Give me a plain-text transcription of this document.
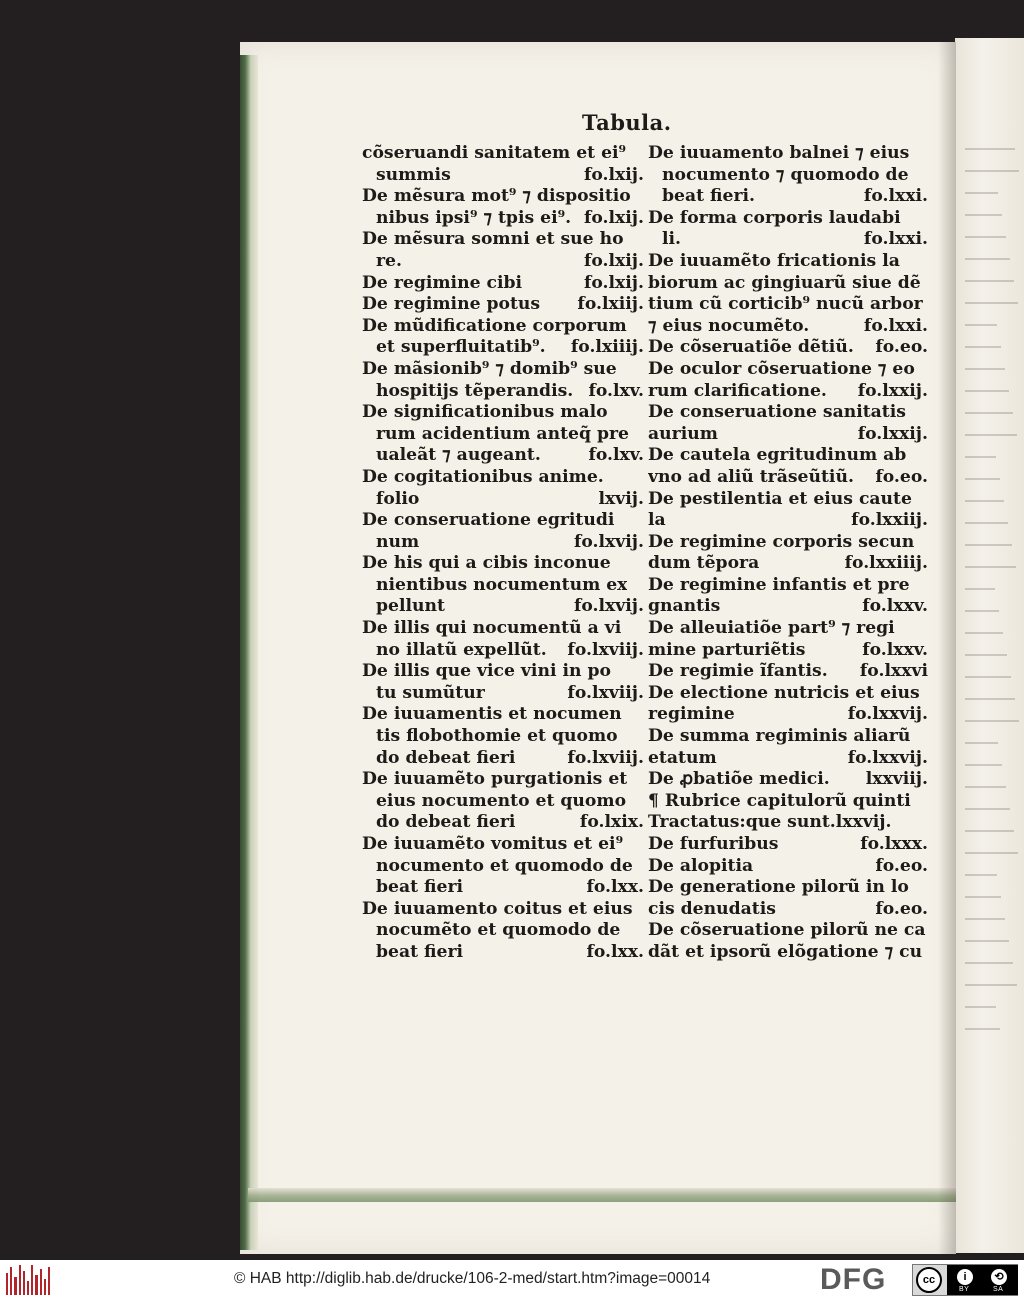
Tabula.
cõseruandi sanitatem et ei⁹
summis	fo.lxij.
De mẽsura mot⁹ ⁊ dispositio
nibus ipsi⁹ ⁊ tpis ei⁹. fo.lxij.
De mẽsura somni et sue ho
re.	fo.lxij.
De regimine cibi	fo.lxij.
De regimine potus	fo.lxiij.
De mũdificatione corporum
et superfluitatib⁹.	fo.lxiiij.
De mãsionib⁹ ⁊ domib⁹ sue
hospitijs tẽperandis. fo.lxv.
De significationibus malo
rum acidentium anteq̃ pre
ualeãt ⁊ augeant.	fo.lxv.
De cogitationibus anime.
folio	lxvij.
De conseruatione egritudi
num	fo.lxvij.
De his qui a cibis inconue
nientibus nocumentum ex
pellunt	fo.lxvij.
De illis qui nocumentũ a vi
no illatũ expellũt.	fo.lxviij.
De illis que vice vini in po
tu sumũtur	fo.lxviij.
De iuuamentis et nocumen
tis flobothomie et quomo
do debeat fieri	fo.lxviij.
De iuuamẽto purgationis et
eius nocumento et quomo
do debeat fieri	fo.lxix.
De iuuamẽto vomitus et ei⁹
nocumento et quomodo de
beat fieri	fo.lxx.
De iuuamento coitus et eius
nocumẽto et quomodo de
beat fieri	fo.lxx.
De iuuamento balnei ⁊ eius
nocumento ⁊ quomodo de
beat fieri.	fo.lxxi.
De forma corporis laudabi
li.	fo.lxxi.
De iuuamẽto fricationis la
biorum ac gingiuarũ siue dẽ
tium cũ corticib⁹ nucũ arbor
⁊ eius nocumẽto.	fo.lxxi.
De cõseruatiõe dẽtiũ.	fo.eo.
De oculor cõseruatione ⁊ eo
rum clarificatione.	fo.lxxij.
De conseruatione sanitatis
aurium	fo.lxxij.
De cautela egritudinum ab
vno ad aliũ trãseũtiũ.	fo.eo.
De pestilentia et eius caute
la	fo.lxxiij.
De regimine corporis secun
dum tẽpora	fo.lxxiiij.
De regimine infantis et pre
gnantis	fo.lxxv.
De alleuiatiõe part⁹ ⁊ regi
mine parturiẽtis	fo.lxxv.
De regimie ĩfantis.	fo.lxxvi
De electione nutricis et eius
regimine	fo.lxxvij.
De summa regiminis aliarũ
etatum	fo.lxxvij.
De ꝓbatiõe medici.	lxxviij.
¶ Rubrice capitulorũ quinti
Tractatus:que sunt.lxxvij.
De furfuribus	fo.lxxx.
De alopitia	fo.eo.
De generatione pilorũ in lo
cis denudatis	fo.eo.
De cõseruatione pilorũ ne ca
dãt et ipsorũ elõgatione ⁊ cu
© HAB http://diglib.hab.de/drucke/106-2-med/start.htm?image=00014	DFG	cc	i	⟲
BY	SA
